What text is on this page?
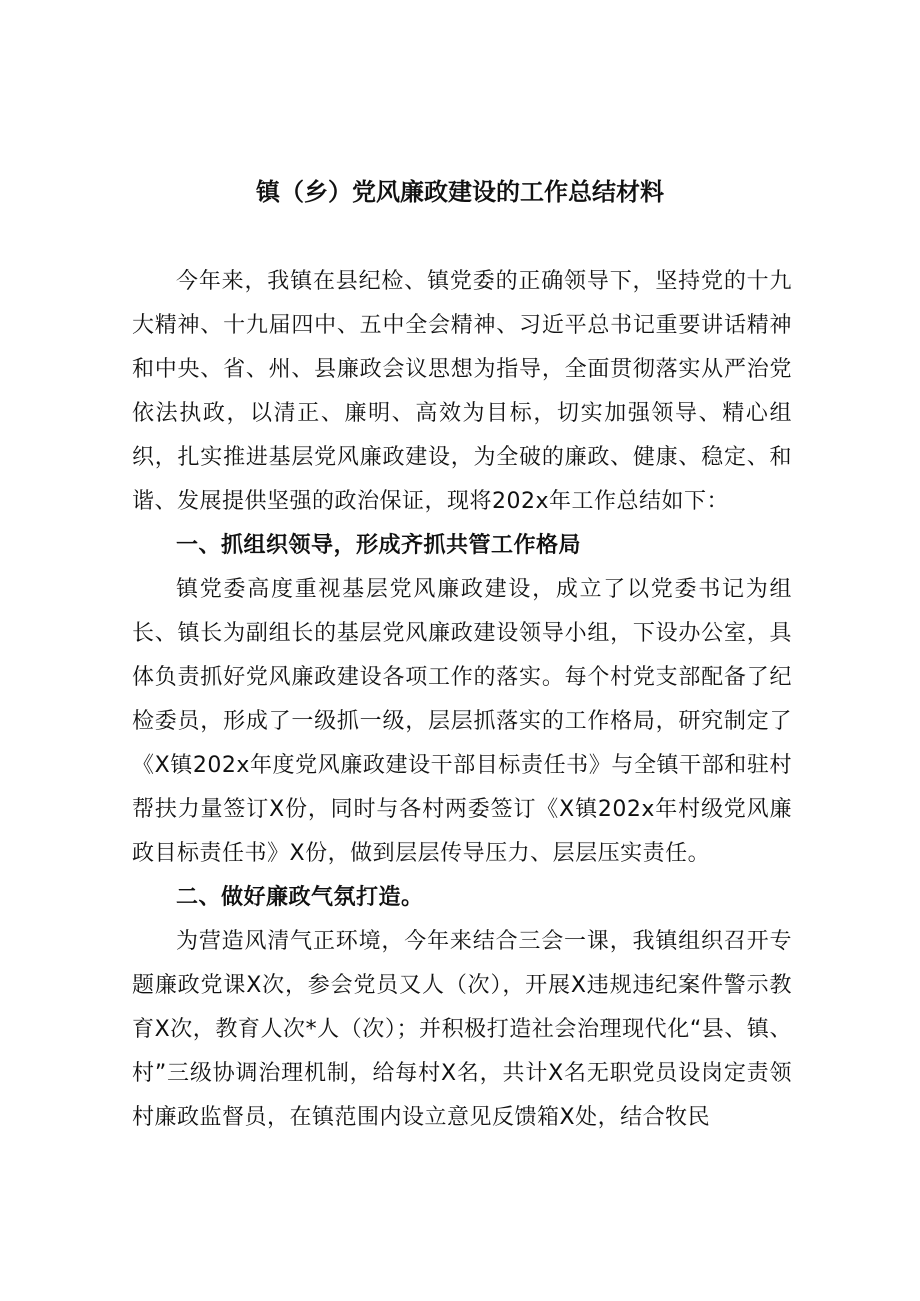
镇（乡）党风廉政建设的工作总结材料

今年来，我镇在县纪检、镇党委的正确领导下，坚持党的十九大精神、十九届四中、五中全会精神、习近平总书记重要讲话精神和中央、省、州、县廉政会议思想为指导，全面贯彻落实从严治党依法执政，以清正、廉明、高效为目标，切实加强领导、精心组织，扎实推进基层党风廉政建设，为全破的廉政、健康、稳定、和谐、发展提供坚强的政治保证，现将202x年工作总结如下：

一、抓组织领导，形成齐抓共管工作格局

镇党委高度重视基层党风廉政建设，成立了以党委书记为组长、镇长为副组长的基层党风廉政建设领导小组，下设办公室，具体负责抓好党风廉政建设各项工作的落实。每个村党支部配备了纪检委员，形成了一级抓一级，层层抓落实的工作格局，研究制定了《X镇202x年度党风廉政建设干部目标责任书》与全镇干部和驻村帮扶力量签订X份，同时与各村两委签订《X镇202x年村级党风廉政目标责任书》X份，做到层层传导压力、层层压实责任。

二、做好廉政气氛打造。

为营造风清气正环境，今年来结合三会一课，我镇组织召开专题廉政党课X次，参会党员又人（次），开展X违规违纪案件警示教育X次，教育人次*人（次）；并积极打造社会治理现代化“县、镇、村”三级协调治理机制，给每村X名，共计X名无职党员设岗定责领村廉政监督员，在镇范围内设立意见反馈箱X处，结合牧民
